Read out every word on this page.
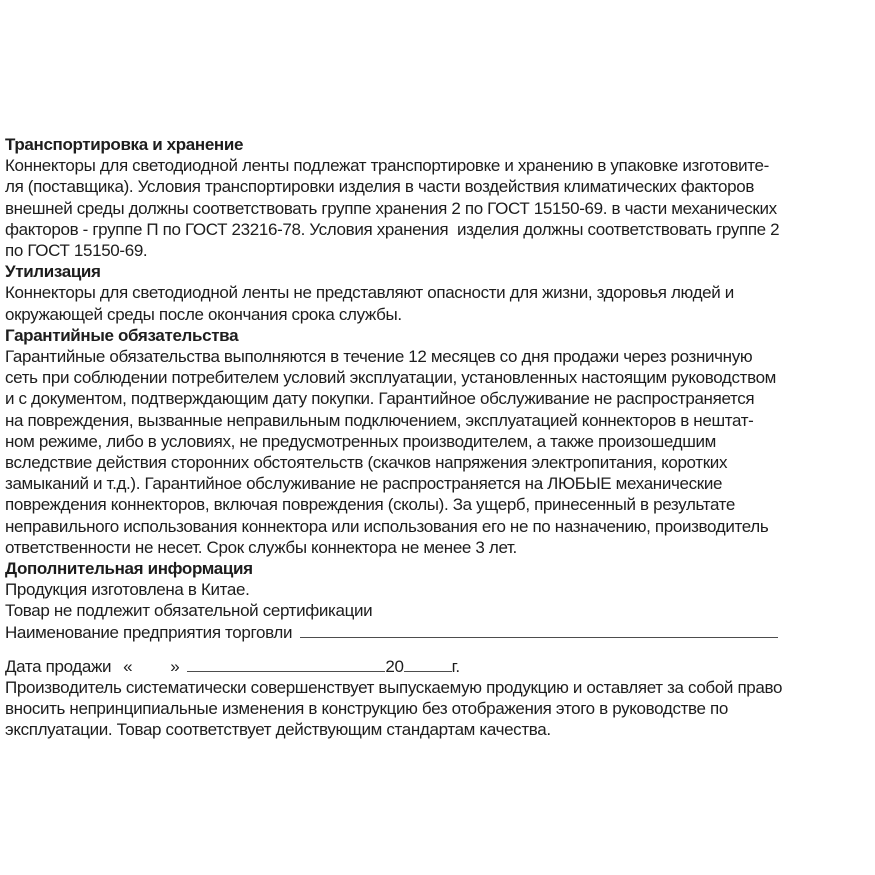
Транспортировка и хранение
Коннекторы для светодиодной ленты подлежат транспортировке и хранению в упаковке изготовите-
ля (поставщика). Условия транспортировки изделия в части воздействия климатических факторов
внешней среды должны соответствовать группе хранения 2 по ГОСТ 15150-69. в части механических
факторов - группе П по ГОСТ 23216-78. Условия хранения  изделия должны соответствовать группе 2
по ГОСТ 15150-69.
Утилизация
Коннекторы для светодиодной ленты не представляют опасности для жизни, здоровья людей и
окружающей среды после окончания срока службы.
Гарантийные обязательства
Гарантийные обязательства выполняются в течение 12 месяцев со дня продажи через розничную
сеть при соблюдении потребителем условий эксплуатации, установленных настоящим руководством
и с документом, подтверждающим дату покупки. Гарантийное обслуживание не распространяется
на повреждения, вызванные неправильным подключением, эксплуатацией коннекторов в нештат-
ном режиме, либо в условиях, не предусмотренных производителем, а также произошедшим
вследствие действия сторонних обстоятельств (скачков напряжения электропитания, коротких
замыканий и т.д.). Гарантийное обслуживание не распространяется на ЛЮБЫЕ механические
повреждения коннекторов, включая повреждения (сколы). За ущерб, принесенный в результате
неправильного использования коннектора или использования его не по назначению, производитель
ответственности не несет. Срок службы коннектора не менее 3 лет.
Дополнительная информация
Продукция изготовлена в Китае.
Товар не подлежит обязательной сертификации
Наименование предприятия торговли
Дата продажи « »	20	г.
Производитель систематически совершенствует выпускаемую продукцию и оставляет за собой право
вносить непринципиальные изменения в конструкцию без отображения этого в руководстве по
эксплуатации. Товар соответствует действующим стандартам качества.
